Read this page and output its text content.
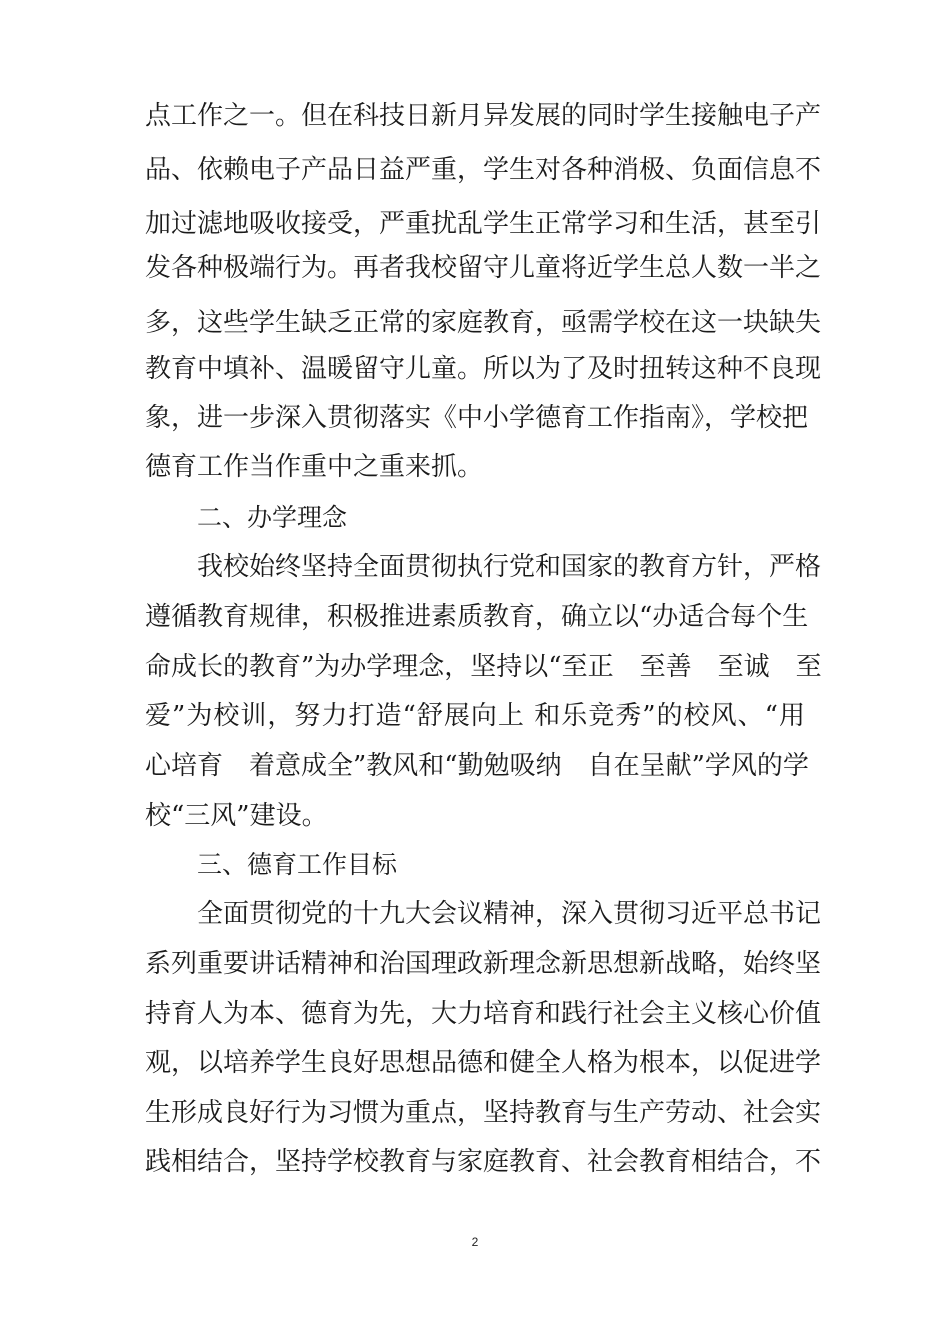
点工作之一。但在科技日新月异发展的同时学生接触电子产
品、依赖电子产品日益严重，学生对各种消极、负面信息不
加过滤地吸收接受，严重扰乱学生正常学习和生活，甚至引
发各种极端行为。再者我校留守儿童将近学生总人数一半之
多，这些学生缺乏正常的家庭教育，亟需学校在这一块缺失
教育中填补、温暖留守儿童。所以为了及时扭转这种不良现
象，进一步深入贯彻落实《中小学德育工作指南》，学校把
德育工作当作重中之重来抓。
二、办学理念
我校始终坚持全面贯彻执行党和国家的教育方针，严格
遵循教育规律，积极推进素质教育，确立以“办适合每个生
命成长的教育”为办学理念，坚持以“至正　至善　至诚　至
爱”为校训，努力打造“舒展向上 和乐竞秀”的校风、“用
心培育　着意成全”教风和“勤勉吸纳　自在呈献”学风的学
校“三风”建设。
三、德育工作目标
全面贯彻党的十九大会议精神，深入贯彻习近平总书记
系列重要讲话精神和治国理政新理念新思想新战略，始终坚
持育人为本、德育为先，大力培育和践行社会主义核心价值
观，以培养学生良好思想品德和健全人格为根本，以促进学
生形成良好行为习惯为重点，坚持教育与生产劳动、社会实
践相结合，坚持学校教育与家庭教育、社会教育相结合，不
2
